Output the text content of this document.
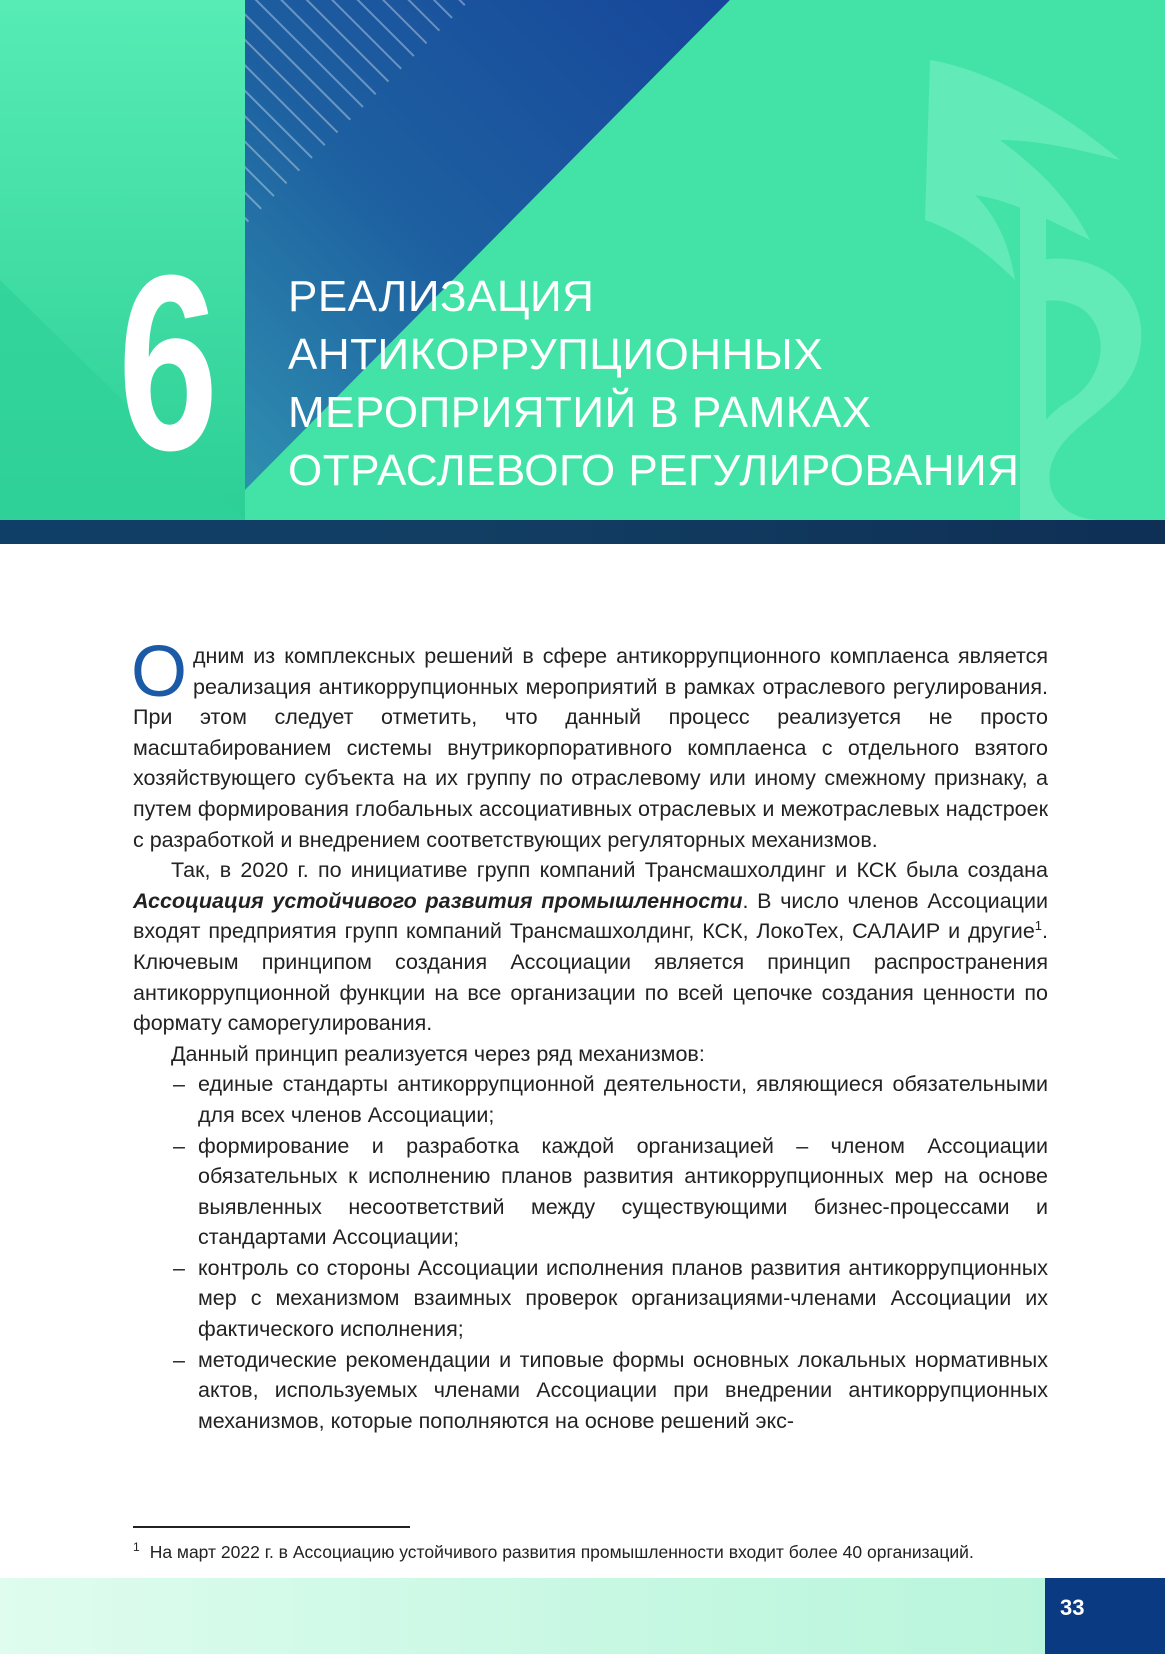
6 РЕАЛИЗАЦИЯ
АНТИКОРРУПЦИОННЫХ
МЕРОПРИЯТИЙ В РАМКАХ
ОТРАСЛЕВОГО РЕГУЛИРОВАНИЯ

Одним из комплексных решений в сфере антикоррупционного комплаенса является реализация антикоррупционных мероприятий в рамках отраслевого регулирования. При этом следует отметить, что данный процесс реализуется не просто масштабированием системы внутрикорпоративного комплаенса с отдельного взятого хозяйствующего субъекта на их группу по отраслевому или иному смежному признаку, а путем формирования глобальных ассоциативных отраслевых и межотраслевых надстроек с разработкой и внедрением соответствующих регуляторных механизмов.

Так, в 2020 г. по инициативе групп компаний Трансмашхолдинг и КСК была создана Ассоциация устойчивого развития промышленности. В число членов Ассоциации входят предприятия групп компаний Трансмашхолдинг, КСК, ЛокоТех, САЛАИР и другие$^1$. Ключевым принципом создания Ассоциации является принцип распространения антикоррупционной функции на все организации по всей цепочке создания ценности по формату саморегулирования.

Данный принцип реализуется через ряд механизмов:

– единые стандарты антикоррупционной деятельности, являющиеся обязательными для всех членов Ассоциации;
– формирование и разработка каждой организацией – членом Ассоциации обязательных к исполнению планов развития антикоррупционных мер на основе выявленных несоответствий между существующими бизнес-процессами и стандартами Ассоциации;
– контроль со стороны Ассоциации исполнения планов развития антикоррупционных мер с механизмом взаимных проверок организациями-членами Ассоциации их фактического исполнения;
– методические рекомендации и типовые формы основных локальных нормативных актов, используемых членами Ассоциации при внедрении антикоррупционных механизмов, которые пополняются на основе решений экс-
$^1$ На март 2022 г. в Ассоциацию устойчивого развития промышленности входит более 40 организаций.
33
